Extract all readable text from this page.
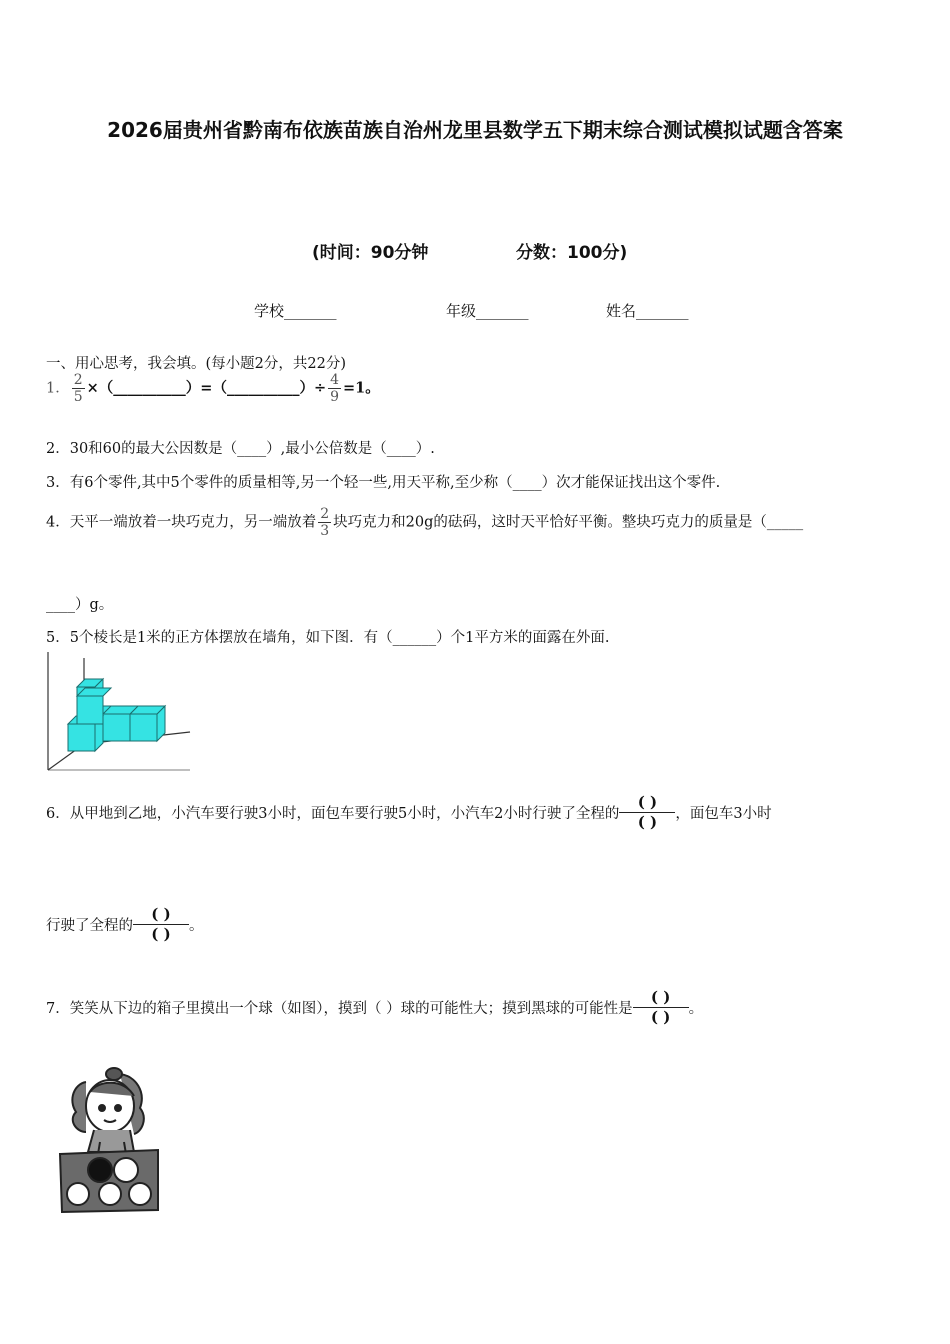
2026届贵州省黔南布依族苗族自治州龙里县数学五下期末综合测试模拟试题含答案
(时间：90分钟	分数：100分)
学校_______	年级_______	姓名_______
一、用心思考，我会填。(每小题2分，共22分)
1． $\frac{2}{5}$ ×（__________）=（__________）÷ $\frac{4}{9} =1$。
2．30和60的最大公因数是（____）,最小公倍数是（____）.
3．有6个零件,其中5个零件的质量相等,另一个轻一些,用天平称,至少称（____）次才能保证找出这个零件.
4．天平一端放着一块巧克力，另一端放着 $\frac{2}{3}$ 块巧克力和20g的砝码，这时天平恰好平衡。整块巧克力的质量是（_____
____）g。
5．5个棱长是1米的正方体摆放在墙角，如下图．有（______）个1平方米的面露在外面.
6．从甲地到乙地，小汽车要行驶3小时，面包车要行驶5小时，小汽车2小时行驶了全程的
( )
( )	，面包车3小时
行驶了全程的
( )
( )	。
7．笑笑从下边的箱子里摸出一个球（如图），摸到（ ）球的可能性大；摸到黑球的可能性是
( )
( )	。
